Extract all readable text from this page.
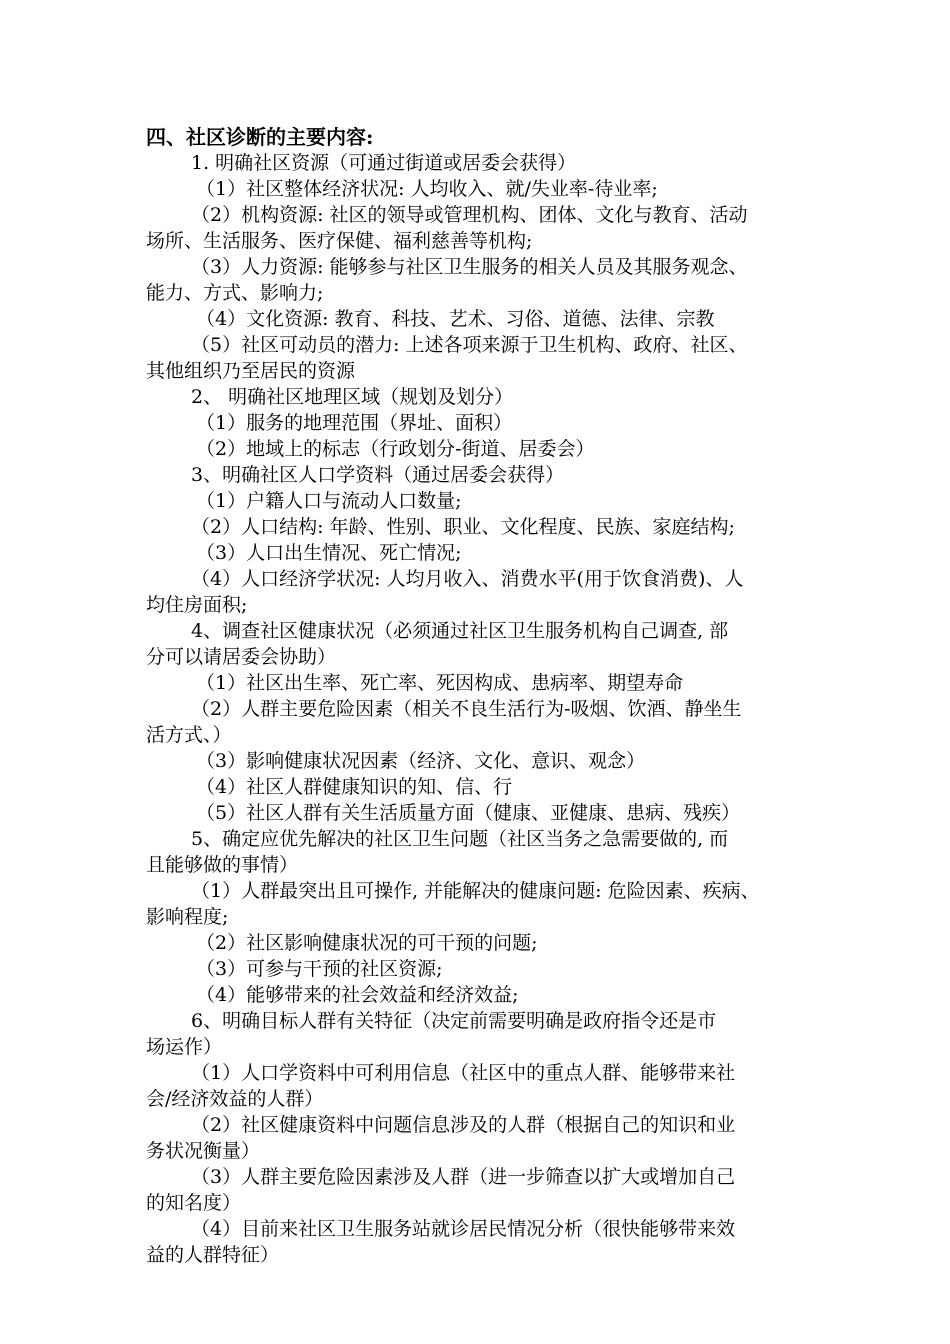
四、社区诊断的主要内容:
1. 明确社区资源（可通过街道或居委会获得）
（1）社区整体经济状况: 人均收入、就/失业率-待业率;
（2）机构资源: 社区的领导或管理机构、团体、文化与教育、活动
场所、生活服务、医疗保健、福利慈善等机构;
（3）人力资源: 能够参与社区卫生服务的相关人员及其服务观念、
能力、方式、影响力;
（4）文化资源: 教育、科技、艺术、习俗、道德、法律、宗教
（5）社区可动员的潜力: 上述各项来源于卫生机构、政府、社区、
其他组织乃至居民的资源
2、 明确社区地理区域（规划及划分）
（1）服务的地理范围（界址、面积）
（2）地域上的标志（行政划分-街道、居委会）
3、明确社区人口学资料（通过居委会获得）
（1）户籍人口与流动人口数量;
（2）人口结构: 年龄、性别、职业、文化程度、民族、家庭结构;
（3）人口出生情况、死亡情况;
（4）人口经济学状况: 人均月收入、消费水平(用于饮食消费)、人
均住房面积;
4、调查社区健康状况（必须通过社区卫生服务机构自己调查, 部
分可以请居委会协助）
（1）社区出生率、死亡率、死因构成、患病率、期望寿命
（2）人群主要危险因素（相关不良生活行为-吸烟、饮酒、静坐生
活方式、）
（3）影响健康状况因素（经济、文化、意识、观念）
（4）社区人群健康知识的知、信、行
（5）社区人群有关生活质量方面（健康、亚健康、患病、残疾）
5、确定应优先解决的社区卫生问题（社区当务之急需要做的, 而
且能够做的事情）
（1）人群最突出且可操作, 并能解决的健康问题: 危险因素、疾病、
影响程度;
（2）社区影响健康状况的可干预的问题;
（3）可参与干预的社区资源;
（4）能够带来的社会效益和经济效益;
6、明确目标人群有关特征（决定前需要明确是政府指令还是市
场运作）
（1）人口学资料中可利用信息（社区中的重点人群、能够带来社
会/经济效益的人群）
（2）社区健康资料中问题信息涉及的人群（根据自己的知识和业
务状况衡量）
（3）人群主要危险因素涉及人群（进一步筛查以扩大或增加自己
的知名度）
（4）目前来社区卫生服务站就诊居民情况分析（很快能够带来效
益的人群特征）
